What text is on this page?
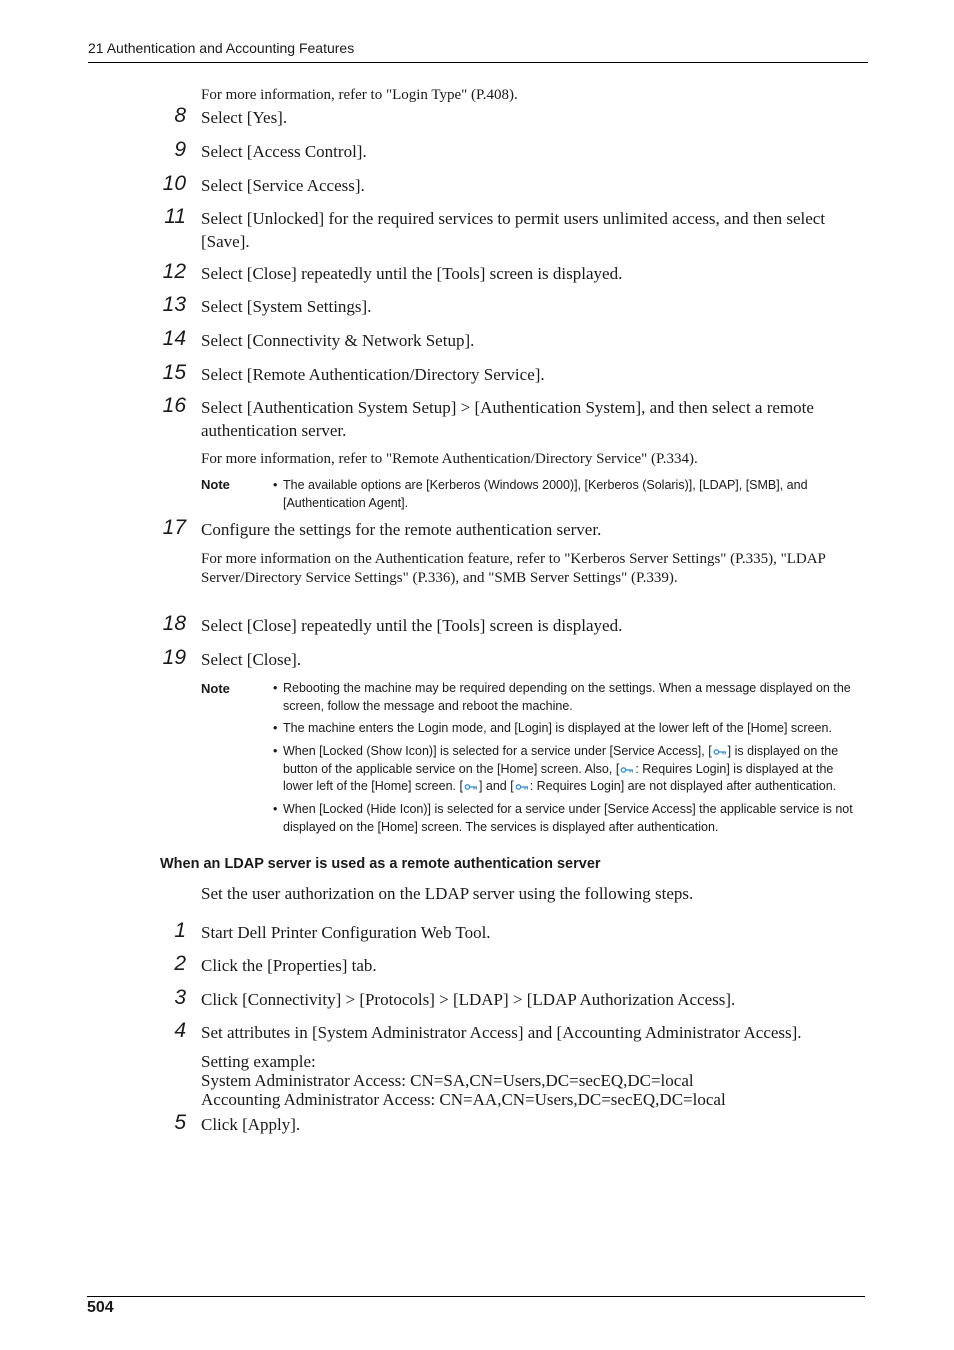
21 Authentication and Accounting Features
For more information, refer to "Login Type" (P.408).
8 Select [Yes].
9 Select [Access Control].
10 Select [Service Access].
11 Select [Unlocked] for the required services to permit users unlimited access, and then select [Save].
12 Select [Close] repeatedly until the [Tools] screen is displayed.
13 Select [System Settings].
14 Select [Connectivity & Network Setup].
15 Select [Remote Authentication/Directory Service].
16 Select [Authentication System Setup] > [Authentication System], and then select a remote authentication server.
For more information, refer to "Remote Authentication/Directory Service" (P.334).
Note	• The available options are [Kerberos (Windows 2000)], [Kerberos (Solaris)], [LDAP], [SMB], and [Authentication Agent].
17 Configure the settings for the remote authentication server.
For more information on the Authentication feature, refer to "Kerberos Server Settings" (P.335), "LDAP Server/Directory Service Settings" (P.336), and "SMB Server Settings" (P.339).
18 Select [Close] repeatedly until the [Tools] screen is displayed.
19 Select [Close].
Note	• Rebooting the machine may be required depending on the settings. When a message displayed on the screen, follow the message and reboot the machine.
• The machine enters the Login mode, and [Login] is displayed at the lower left of the [Home] screen.
• When [Locked (Show Icon)] is selected for a service under [Service Access], [ ] is displayed on the button of the applicable service on the [Home] screen. Also, [ : Requires Login] is displayed at the lower left of the [Home] screen. [ ] and [ : Requires Login] are not displayed after authentication.
• When [Locked (Hide Icon)] is selected for a service under [Service Access] the applicable service is not displayed on the [Home] screen. The services is displayed after authentication.
When an LDAP server is used as a remote authentication server
Set the user authorization on the LDAP server using the following steps.
1 Start Dell Printer Configuration Web Tool.
2 Click the [Properties] tab.
3 Click [Connectivity] > [Protocols] > [LDAP] > [LDAP Authorization Access].
4 Set attributes in [System Administrator Access] and [Accounting Administrator Access].
Setting example:
System Administrator Access: CN=SA,CN=Users,DC=secEQ,DC=local
Accounting Administrator Access: CN=AA,CN=Users,DC=secEQ,DC=local
5 Click [Apply].
504
